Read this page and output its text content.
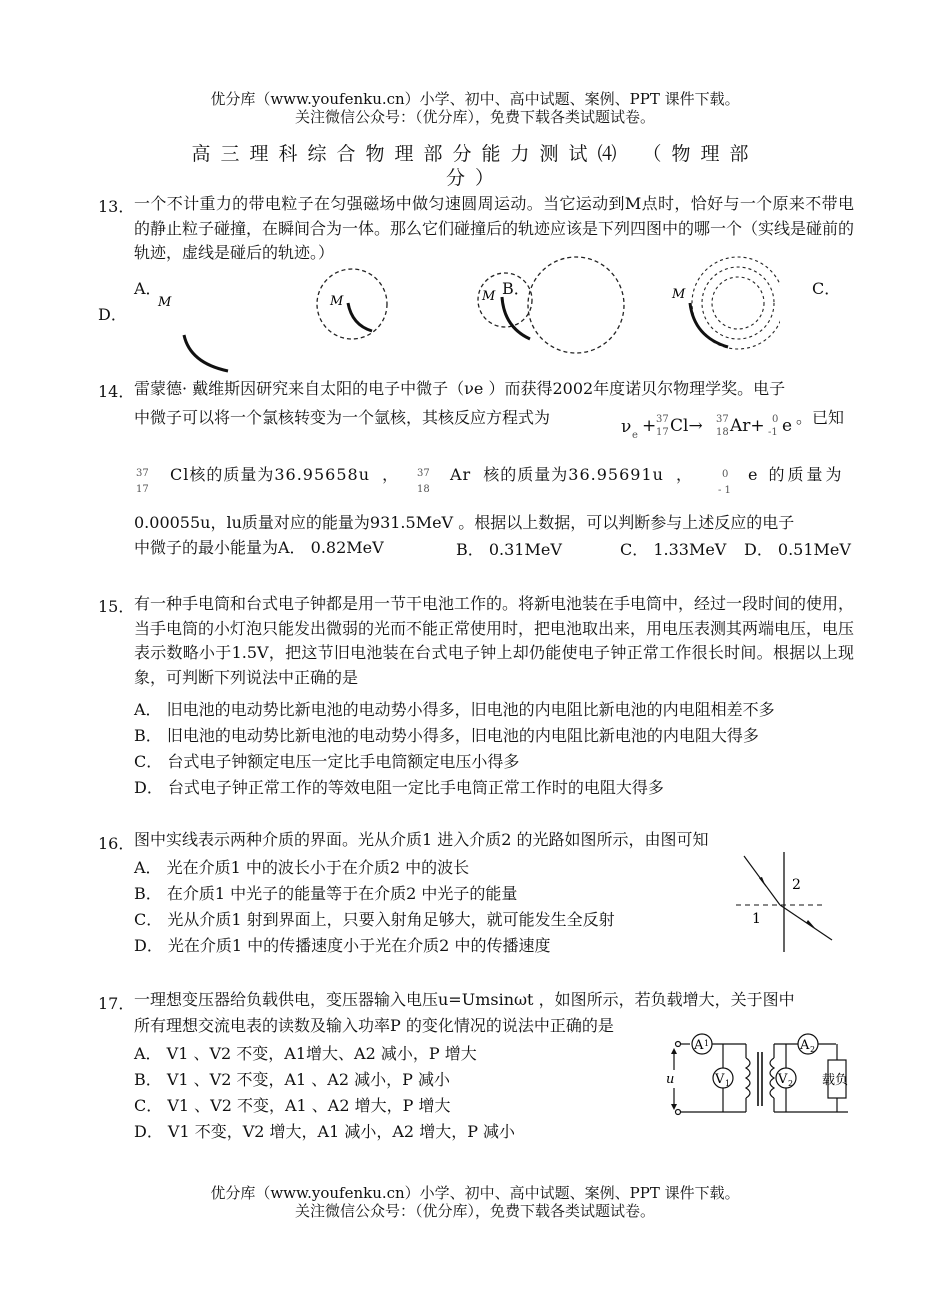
优分库（www.youfenku.cn）小学、初中、高中试题、案例、PPT 课件下载。
关注微信公众号：（优分库），免费下载各类试题试卷。
高三理科综合物理部分能力测试⑷ （物理部
分）
13． 一个不计重力的带电粒子在匀强磁场中做匀速圆周运动。当它运动到M点时，恰好与一个原来不带电的静止粒子碰撞，在瞬间合为一体。那么它们碰撞后的轨迹应该是下列四图中的哪一个（实线是碰前的轨迹，虚线是碰后的轨迹。）
A．	B．	C．
D．
M	M	M	M
14． 雷蒙德· 戴维斯因研究来自太阳的电子中微子（νe ）而获得2002年度诺贝尔物理学奖。电子
中微子可以将一个氯核转变为一个氩核，其核反应方程式为	ν e + 37
17 Cl→ 37
18 Ar+ 0
-1 e 。已知
37
17
Cl核的质量为36.95658u ， 37
18
Ar 核的质量为36.95691u ，	0
- 1
e 的质量为
0.00055u，lu质量对应的能量为931.5MeV 。根据以上数据，可以判断参与上述反应的电子
中微子的最小能量为A． 0.82MeV	B． 0.31MeV	C． 1.33MeV D． 0.51MeV
15． 有一种手电筒和台式电子钟都是用一节干电池工作的。将新电池装在手电筒中，经过一段时间的使用，当手电筒的小灯泡只能发出微弱的光而不能正常使用时，把电池取出来，用电压表测其两端电压，电压表示数略小于1.5V，把这节旧电池装在台式电子钟上却仍能使电子钟正常工作很长时间。根据以上现象，可判断下列说法中正确的是
A． 旧电池的电动势比新电池的电动势小得多，旧电池的内电阻比新电池的内电阻相差不多
B． 旧电池的电动势比新电池的电动势小得多，旧电池的内电阻比新电池的内电阻大得多
C． 台式电子钟额定电压一定比手电筒额定电压小得多
D． 台式电子钟正常工作的等效电阻一定比手电筒正常工作时的电阻大得多
16． 图中实线表示两种介质的界面。光从介质1 进入介质2 的光路如图所示，由图可知
A． 光在介质1 中的波长小于在介质2 中的波长
B． 在介质1 中光子的能量等于在介质2 中光子的能量
C． 光从介质1 射到界面上，只要入射角足够大，就可能发生全反射
D． 光在介质1 中的传播速度小于光在介质2 中的传播速度
2
1
17． 一理想变压器给负载供电，变压器输入电压u=Umsinωt ，如图所示，若负载增大，关于图中
所有理想交流电表的读数及输入功率P 的变化情况的说法中正确的是
A． V1 、V2 不变，A1增大、A2 减小，P 增大
B． V1 、V2 不变，A1 、A2 减小，P 减小
C． V1 、V2 不变，A1 、A2 增大，P 增大
D． V1 不变，V2 增大，A1 减小，A2 增大，P 减小
A 1
V 1	V 2
A 2
u	载负
优分库（www.youfenku.cn）小学、初中、高中试题、案例、PPT 课件下载。
关注微信公众号：（优分库），免费下载各类试题试卷。
